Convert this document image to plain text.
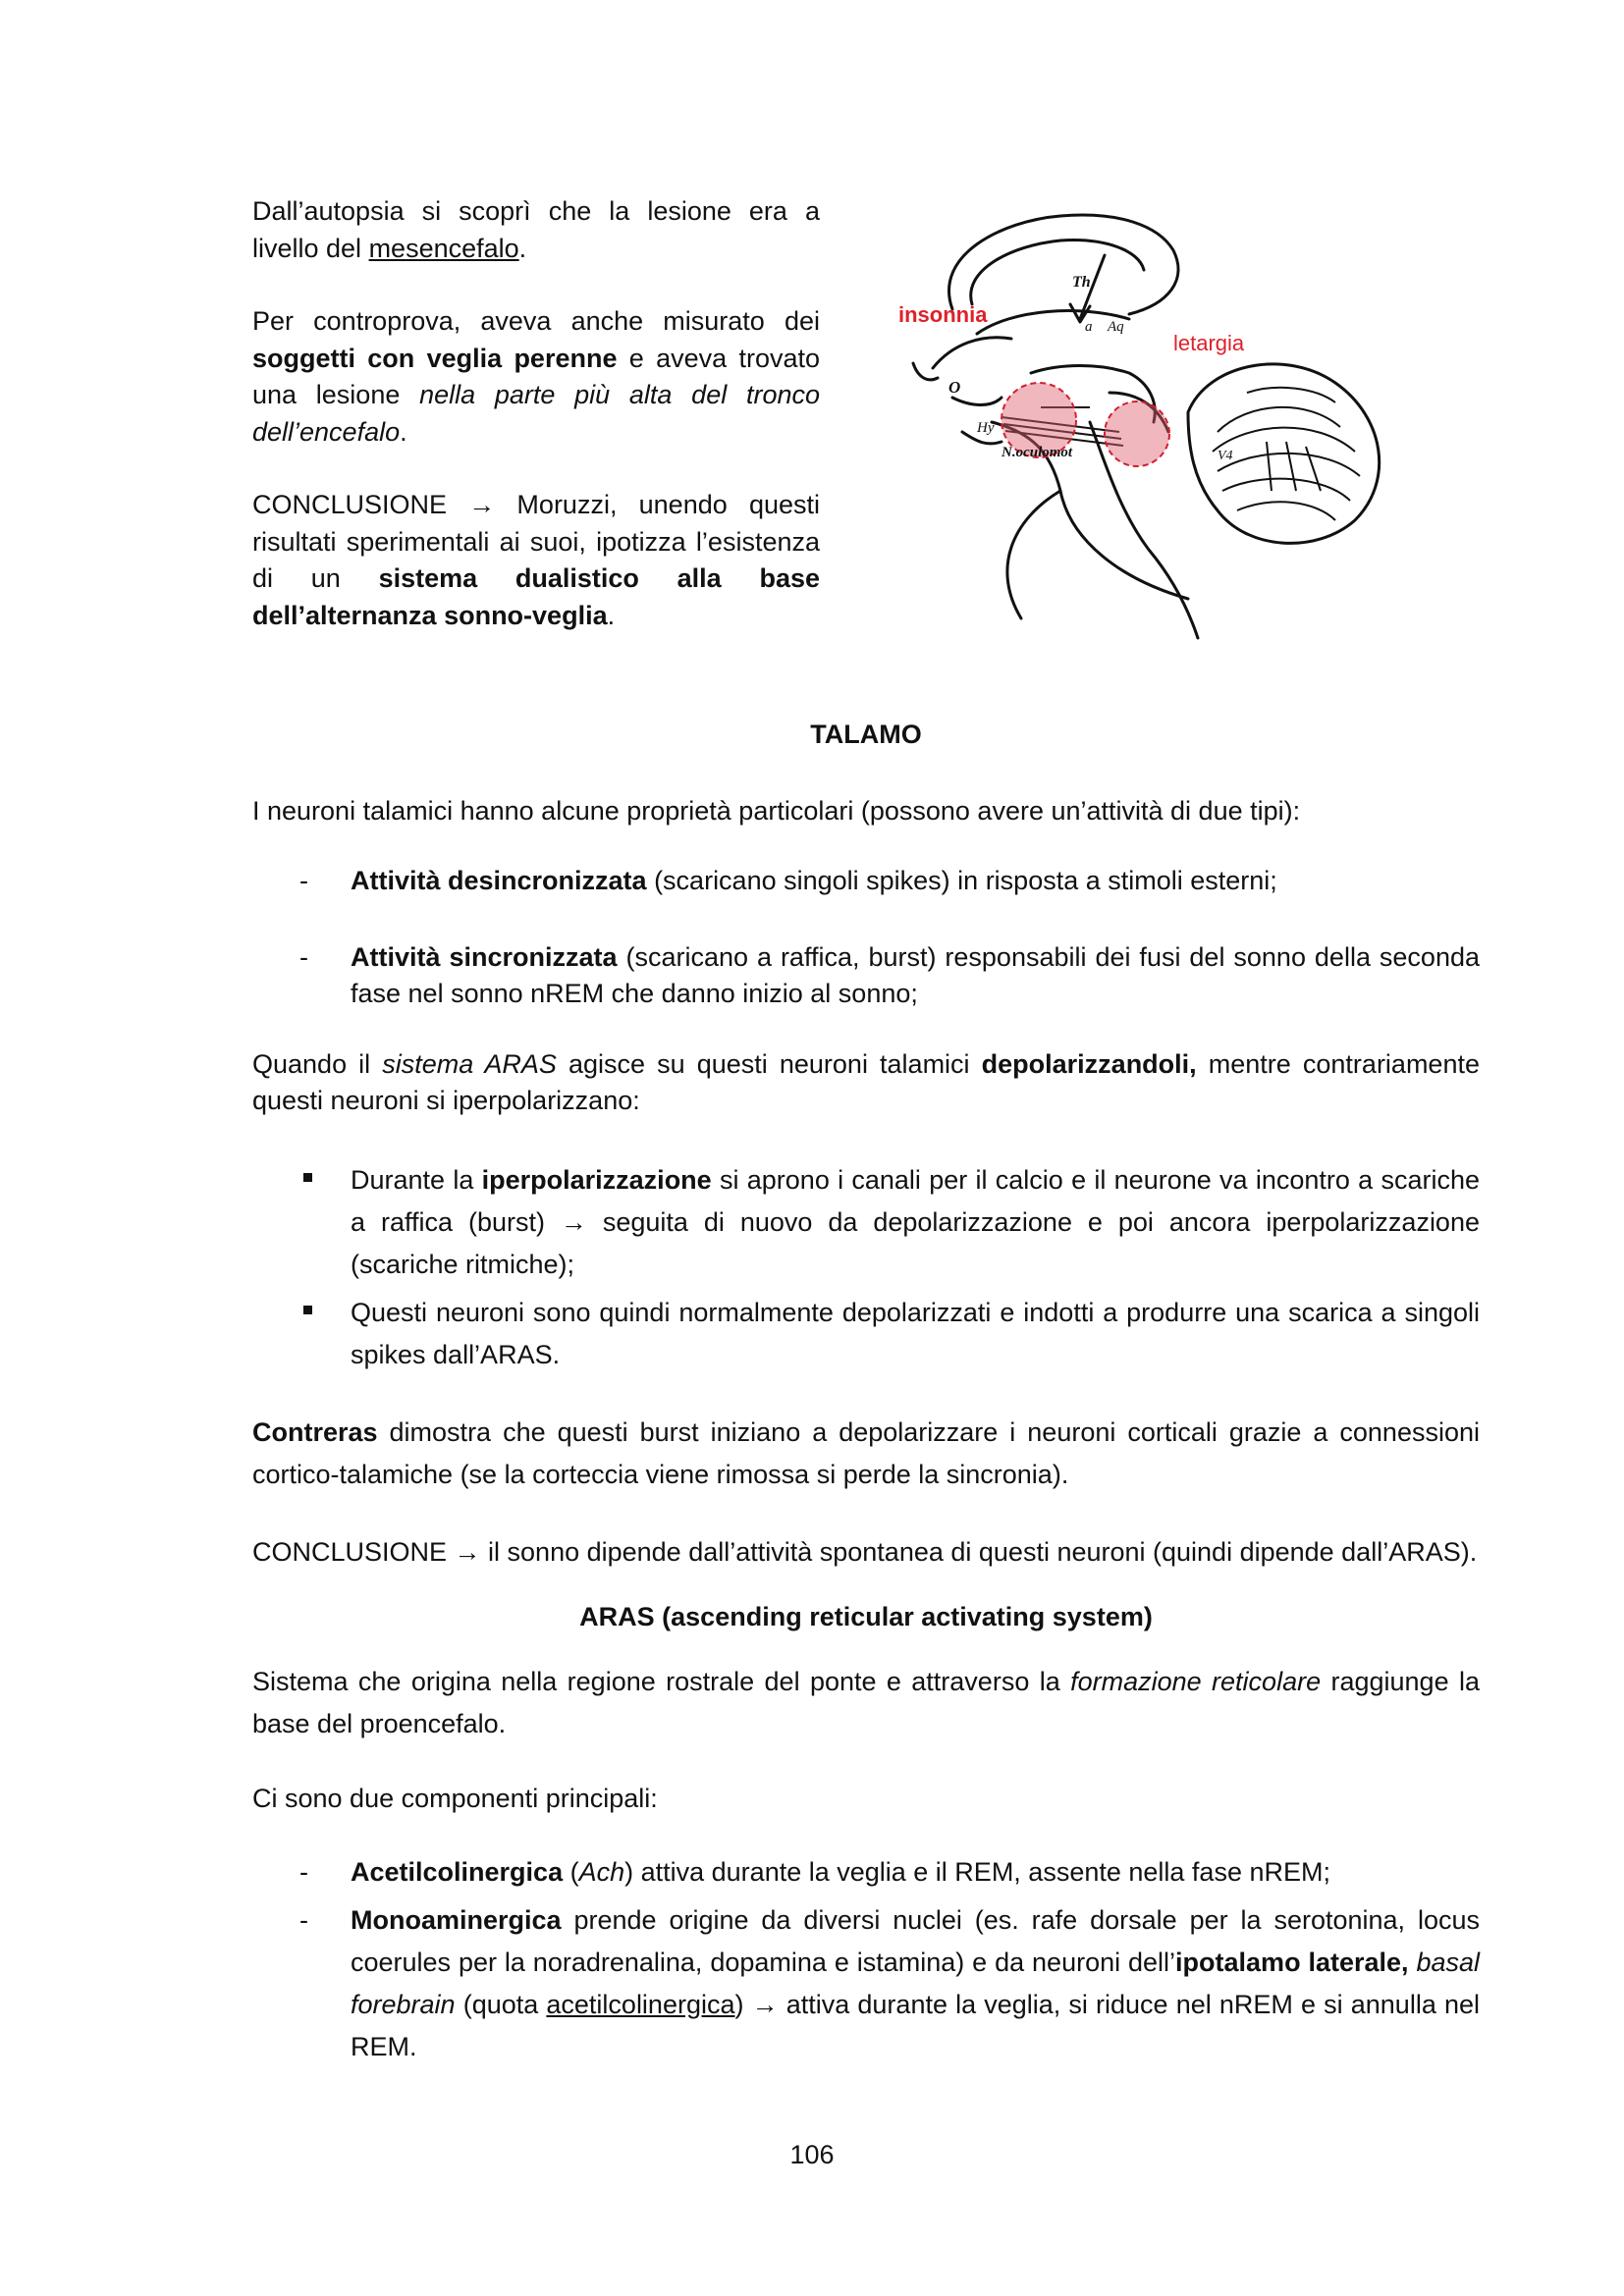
Dall’autopsia si scoprì che la lesione era a livello del mesencefalo.

Per controprova, aveva anche misurato dei soggetti con veglia perenne e aveva trovato una lesione nella parte più alta del tronco dell’encefalo.

CONCLUSIONE → Moruzzi, unendo questi risultati sperimentali ai suoi, ipotizza l’esistenza di un sistema dualistico alla base dell’alternanza sonno-veglia.

insonnia
letargia
Th
a Aq
O
Hy
N.oculomot	V4

TALAMO

I neuroni talamici hanno alcune proprietà particolari (possono avere un’attività di due tipi):

- Attività desincronizzata (scaricano singoli spikes) in risposta a stimoli esterni;
- Attività sincronizzata (scaricano a raffica, burst) responsabili dei fusi del sonno della seconda fase nel sonno nREM che danno inizio al sonno;

Quando il sistema ARAS agisce su questi neuroni talamici depolarizzandoli, mentre contrariamente questi neuroni si iperpolarizzano:

Durante la iperpolarizzazione si aprono i canali per il calcio e il neurone va incontro a scariche a raffica (burst) → seguita di nuovo da depolarizzazione e poi ancora iperpolarizzazione (scariche ritmiche);
Questi neuroni sono quindi normalmente depolarizzati e indotti a produrre una scarica a singoli spikes dall’ARAS.

Contreras dimostra che questi burst iniziano a depolarizzare i neuroni corticali grazie a connessioni cortico-talamiche (se la corteccia viene rimossa si perde la sincronia).

CONCLUSIONE → il sonno dipende dall’attività spontanea di questi neuroni (quindi dipende dall’ARAS).

ARAS (ascending reticular activating system)

Sistema che origina nella regione rostrale del ponte e attraverso la formazione reticolare raggiunge la base del proencefalo.

Ci sono due componenti principali:

- Acetilcolinergica (Ach) attiva durante la veglia e il REM, assente nella fase nREM;
- Monoaminergica prende origine da diversi nuclei (es. rafe dorsale per la serotonina, locus coerules per la noradrenalina, dopamina e istamina) e da neuroni dell’ipotalamo laterale, basal forebrain (quota acetilcolinergica) → attiva durante la veglia, si riduce nel nREM e si annulla nel REM.
106
